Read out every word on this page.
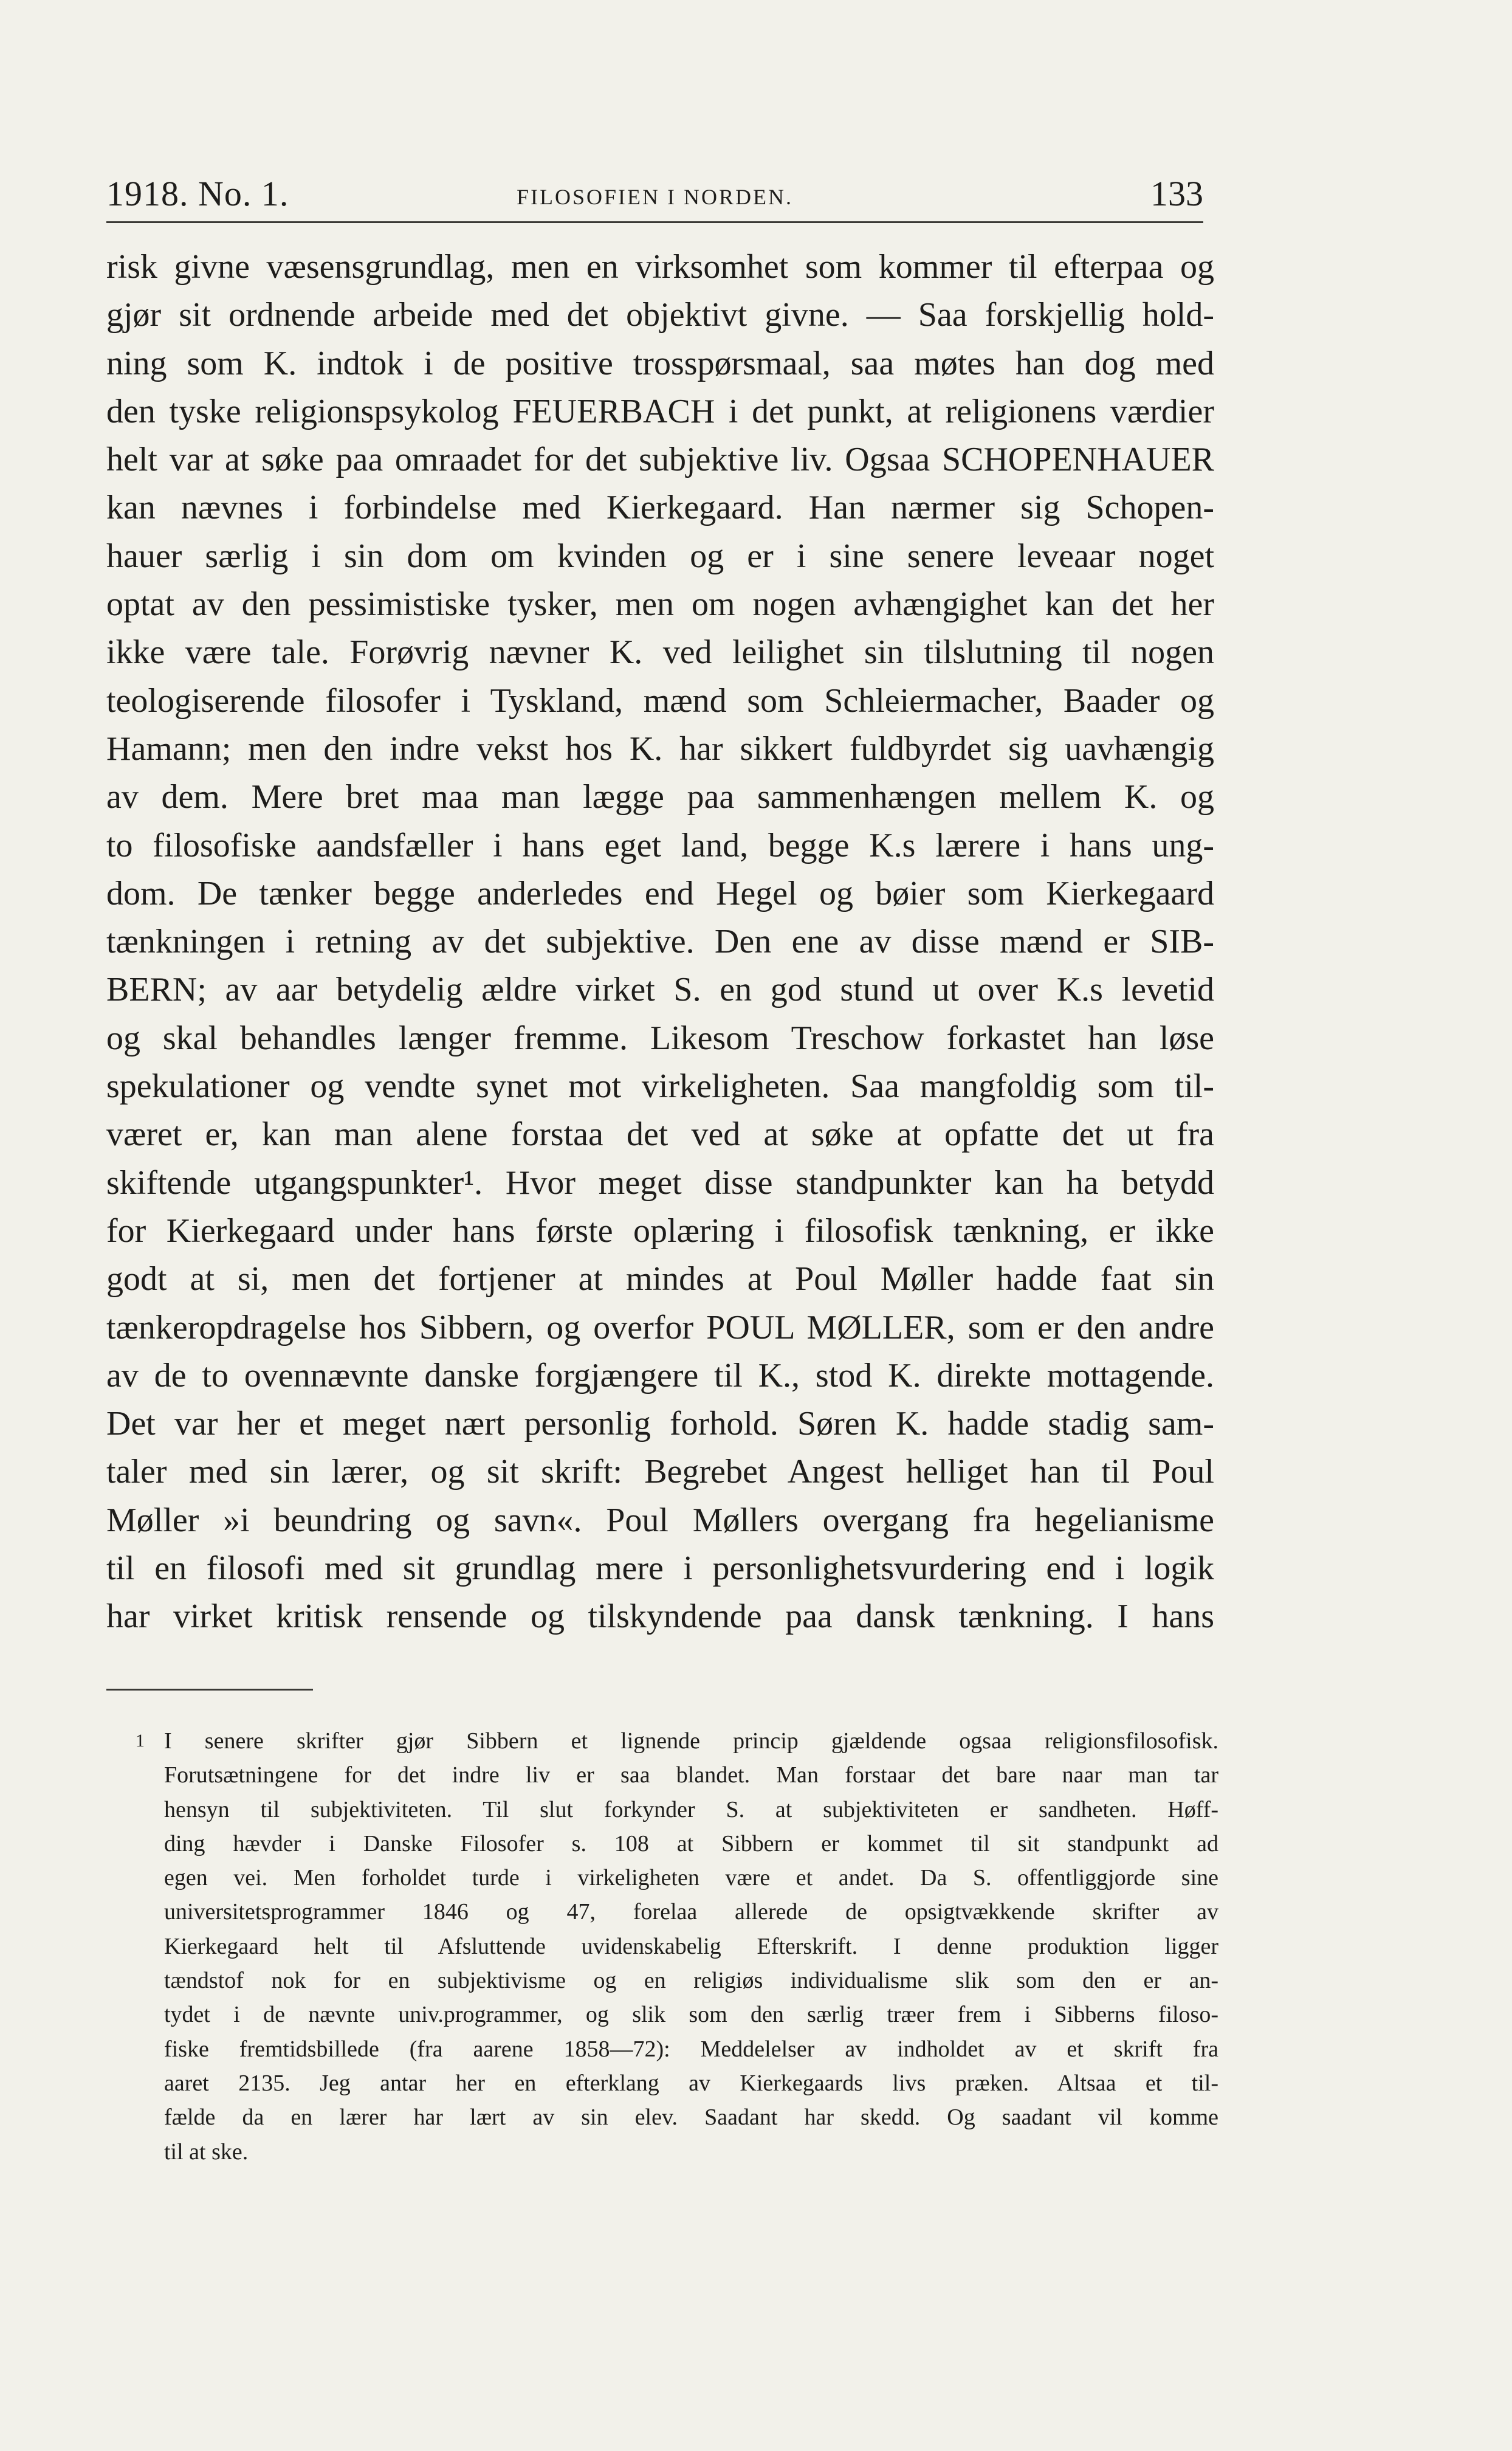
1918. No. 1.	FILOSOFIEN I NORDEN.	133
risk givne væsensgrundlag, men en virksomhet som kommer til efterpaa og
gjør sit ordnende arbeide med det objektivt givne. — Saa forskjellig hold-
ning som K. indtok i de positive trosspørsmaal, saa møtes han dog med
den tyske religionspsykolog FEUERBACH i det punkt, at religionens værdier
helt var at søke paa omraadet for det subjektive liv. Ogsaa SCHOPENHAUER
kan nævnes i forbindelse med Kierkegaard. Han nærmer sig Schopen-
hauer særlig i sin dom om kvinden og er i sine senere leveaar noget
optat av den pessimistiske tysker, men om nogen avhængighet kan det her
ikke være tale. Forøvrig nævner K. ved leilighet sin tilslutning til nogen
teologiserende filosofer i Tyskland, mænd som Schleiermacher, Baader og
Hamann; men den indre vekst hos K. har sikkert fuldbyrdet sig uavhængig
av dem. Mere bret maa man lægge paa sammenhængen mellem K. og
to filosofiske aandsfæller i hans eget land, begge K.s lærere i hans ung-
dom. De tænker begge anderledes end Hegel og bøier som Kierkegaard
tænkningen i retning av det subjektive. Den ene av disse mænd er SIB-
BERN; av aar betydelig ældre virket S. en god stund ut over K.s levetid
og skal behandles længer fremme. Likesom Treschow forkastet han løse
spekulationer og vendte synet mot virkeligheten. Saa mangfoldig som til-
været er, kan man alene forstaa det ved at søke at opfatte det ut fra
skiftende utgangspunkter¹. Hvor meget disse standpunkter kan ha betydd
for Kierkegaard under hans første oplæring i filosofisk tænkning, er ikke
godt at si, men det fortjener at mindes at Poul Møller hadde faat sin
tænkeropdragelse hos Sibbern, og overfor POUL MØLLER, som er den andre
av de to ovennævnte danske forgjængere til K., stod K. direkte mottagende.
Det var her et meget nært personlig forhold. Søren K. hadde stadig sam-
taler med sin lærer, og sit skrift: Begrebet Angest helliget han til Poul
Møller »i beundring og savn«. Poul Møllers overgang fra hegelianisme
til en filosofi med sit grundlag mere i personlighetsvurdering end i logik
har virket kritisk rensende og tilskyndende paa dansk tænkning. I hans
1 I senere skrifter gjør Sibbern et lignende princip gjældende ogsaa religionsfilosofisk.
Forutsætningene for det indre liv er saa blandet. Man forstaar det bare naar man tar
hensyn til subjektiviteten. Til slut forkynder S. at subjektiviteten er sandheten. Høff-
ding hævder i Danske Filosofer s. 108 at Sibbern er kommet til sit standpunkt ad
egen vei. Men forholdet turde i virkeligheten være et andet. Da S. offentliggjorde sine
universitetsprogrammer 1846 og 47, forelaa allerede de opsigtvækkende skrifter av
Kierkegaard helt til Afsluttende uvidenskabelig Efterskrift. I denne produktion ligger
tændstof nok for en subjektivisme og en religiøs individualisme slik som den er an-
tydet i de nævnte univ.programmer, og slik som den særlig træer frem i Sibberns filoso-
fiske fremtidsbillede (fra aarene 1858—72): Meddelelser av indholdet av et skrift fra
aaret 2135. Jeg antar her en efterklang av Kierkegaards livs præken. Altsaa et til-
fælde da en lærer har lært av sin elev. Saadant har skedd. Og saadant vil komme
til at ske.
